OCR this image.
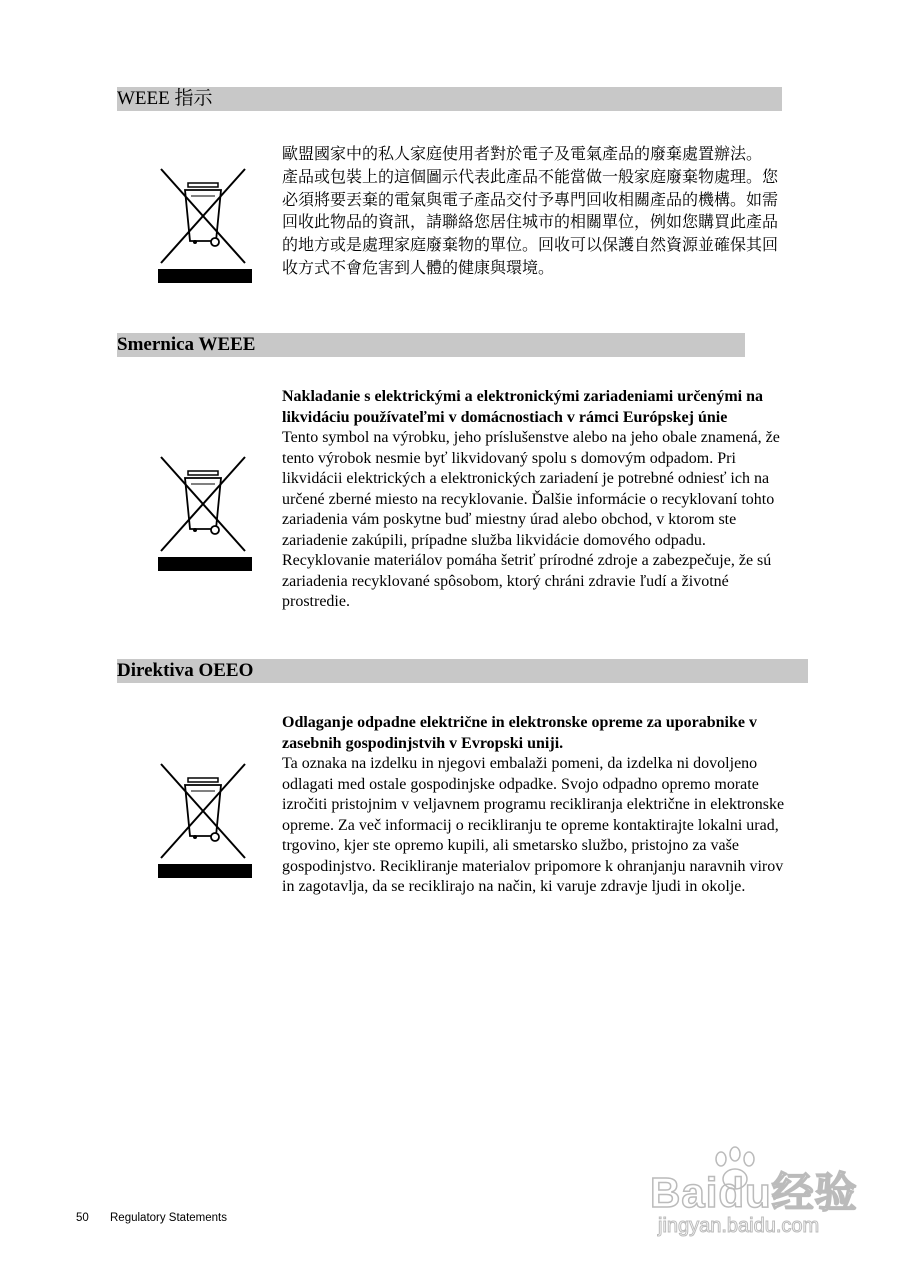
WEEE 指示

歐盟國家中的私人家庭使用者對於電子及電氣產品的廢棄處置辦法。

產品或包裝上的這個圖示代表此產品不能當做一般家庭廢棄物處理。您必須將要丟棄的電氣與電子產品交付予專門回收相關產品的機構。如需回收此物品的資訊，請聯絡您居住城市的相關單位，例如您購買此產品的地方或是處理家庭廢棄物的單位。回收可以保護自然資源並確保其回收方式不會危害到人體的健康與環境。

Smernica WEEE

Nakladanie s elektrickými a elektronickými zariadeniami určenými na likvidáciu používateľmi v domácnostiach v rámci Európskej únie

Tento symbol na výrobku, jeho príslušenstve alebo na jeho obale znamená, že tento výrobok nesmie byť likvidovaný spolu s domovým odpadom. Pri likvidácii elektrických a elektronických zariadení je potrebné odniesť ich na určené zberné miesto na recyklovanie. Ďalšie informácie o recyklovaní tohto zariadenia vám poskytne buď miestny úrad alebo obchod, v ktorom ste zariadenie zakúpili, prípadne služba likvidácie domového odpadu. Recyklovanie materiálov pomáha šetriť prírodné zdroje a zabezpečuje, že sú zariadenia recyklované spôsobom, ktorý chráni zdravie ľudí a životné prostredie.

Direktiva OEEO

Odlaganje odpadne električne in elektronske opreme za uporabnike v zasebnih gospodinjstvih v Evropski uniji.

Ta oznaka na izdelku in njegovi embalaži pomeni, da izdelka ni dovoljeno odlagati med ostale gospodinjske odpadke. Svojo odpadno opremo morate izročiti pristojnim v veljavnem programu recikliranja električne in elektronske opreme. Za več informacij o recikliranju te opreme kontaktirajte lokalni urad, trgovino, kjer ste opremo kupili, ali smetarsko službo, pristojno za vaše gospodinjstvo. Recikliranje materialov pripomore k ohranjanju naravnih virov in zagotavlja, da se reciklirajo na način, ki varuje zdravje ljudi in okolje.

50 Regulatory Statements
Baidu经验
jingyan.baidu.com
